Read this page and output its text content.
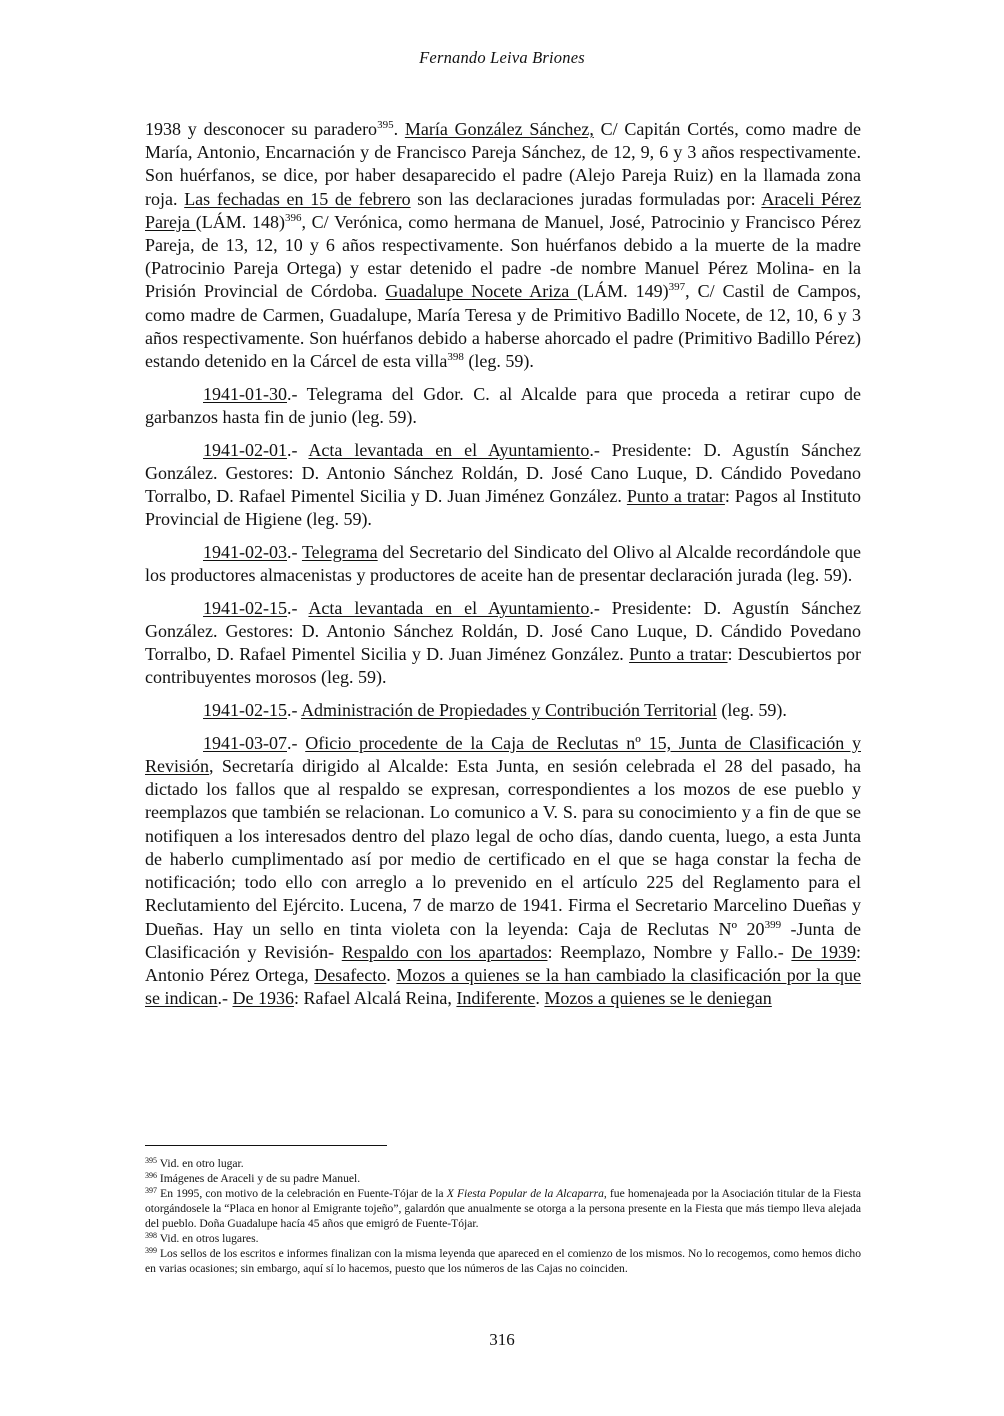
Fernando Leiva Briones

1938 y desconocer su paradero$^{395}$. María González Sánchez, C/ Capitán Cortés, como madre de María, Antonio, Encarnación y de Francisco Pareja Sánchez, de 12, 9, 6 y 3 años respectivamente. Son huérfanos, se dice, por haber desaparecido el padre (Alejo Pareja Ruiz) en la llamada zona roja. Las fechadas en 15 de febrero son las declaraciones juradas formuladas por: Araceli Pérez Pareja (LÁM. 148)$^{396}$, C/ Verónica, como hermana de Manuel, José, Patrocinio y Francisco Pérez Pareja, de 13, 12, 10 y 6 años respectivamente. Son huérfanos debido a la muerte de la madre (Patrocinio Pareja Ortega) y estar detenido el padre -de nombre Manuel Pérez Molina- en la Prisión Provincial de Córdoba. Guadalupe Nocete Ariza (LÁM. 149)$^{397}$, C/ Castil de Campos, como madre de Carmen, Guadalupe, María Teresa y de Primitivo Badillo Nocete, de 12, 10, 6 y 3 años respectivamente. Son huérfanos debido a haberse ahorcado el padre (Primitivo Badillo Pérez) estando detenido en la Cárcel de esta villa$^{398}$ (leg. 59).

1941-01-30.- Telegrama del Gdor. C. al Alcalde para que proceda a retirar cupo de garbanzos hasta fin de junio (leg. 59).

1941-02-01.- Acta levantada en el Ayuntamiento.- Presidente: D. Agustín Sánchez González. Gestores: D. Antonio Sánchez Roldán, D. José Cano Luque, D. Cándido Povedano Torralbo, D. Rafael Pimentel Sicilia y D. Juan Jiménez González. Punto a tratar: Pagos al Instituto Provincial de Higiene (leg. 59).

1941-02-03.- Telegrama del Secretario del Sindicato del Olivo al Alcalde recordándole que los productores almacenistas y productores de aceite han de presentar declaración jurada (leg. 59).

1941-02-15.- Acta levantada en el Ayuntamiento.- Presidente: D. Agustín Sánchez González. Gestores: D. Antonio Sánchez Roldán, D. José Cano Luque, D. Cándido Povedano Torralbo, D. Rafael Pimentel Sicilia y D. Juan Jiménez González. Punto a tratar: Descubiertos por contribuyentes morosos (leg. 59).

1941-02-15.- Administración de Propiedades y Contribución Territorial (leg. 59).

1941-03-07.- Oficio procedente de la Caja de Reclutas nº 15, Junta de Clasificación y Revisión, Secretaría dirigido al Alcalde: Esta Junta, en sesión celebrada el 28 del pasado, ha dictado los fallos que al respaldo se expresan, correspondientes a los mozos de ese pueblo y reemplazos que también se relacionan. Lo comunico a V. S. para su conocimiento y a fin de que se notifiquen a los interesados dentro del plazo legal de ocho días, dando cuenta, luego, a esta Junta de haberlo cumplimentado así por medio de certificado en el que se haga constar la fecha de notificación; todo ello con arreglo a lo prevenido en el artículo 225 del Reglamento para el Reclutamiento del Ejército. Lucena, 7 de marzo de 1941. Firma el Secretario Marcelino Dueñas y Dueñas. Hay un sello en tinta violeta con la leyenda: Caja de Reclutas Nº $20^{399}$ -Junta de Clasificación y Revisión- Respaldo con los apartados: Reemplazo, Nombre y Fallo.- De 1939: Antonio Pérez Ortega, Desafecto. Mozos a quienes se la han cambiado la clasificación por la que se indican.- De 1936: Rafael Alcalá Reina, Indiferente. Mozos a quienes se le deniegan

$^{395}$ Vid. en otro lugar.

$^{396}$ Imágenes de Araceli y de su padre Manuel.

$^{397}$ En 1995, con motivo de la celebración en Fuente-Tójar de la X Fiesta Popular de la Alcaparra, fue homenajeada por la Asociación titular de la Fiesta otorgándosele la “Placa en honor al Emigrante tojeño”, galardón que anualmente se otorga a la persona presente en la Fiesta que más tiempo lleva alejada del pueblo. Doña Guadalupe hacía 45 años que emigró de Fuente-Tójar.

$^{398}$ Vid. en otros lugares.

$^{399}$ Los sellos de los escritos e informes finalizan con la misma leyenda que apareced en el comienzo de los mismos. No lo recogemos, como hemos dicho en varias ocasiones; sin embargo, aquí sí lo hacemos, puesto que los números de las Cajas no coinciden.

316
